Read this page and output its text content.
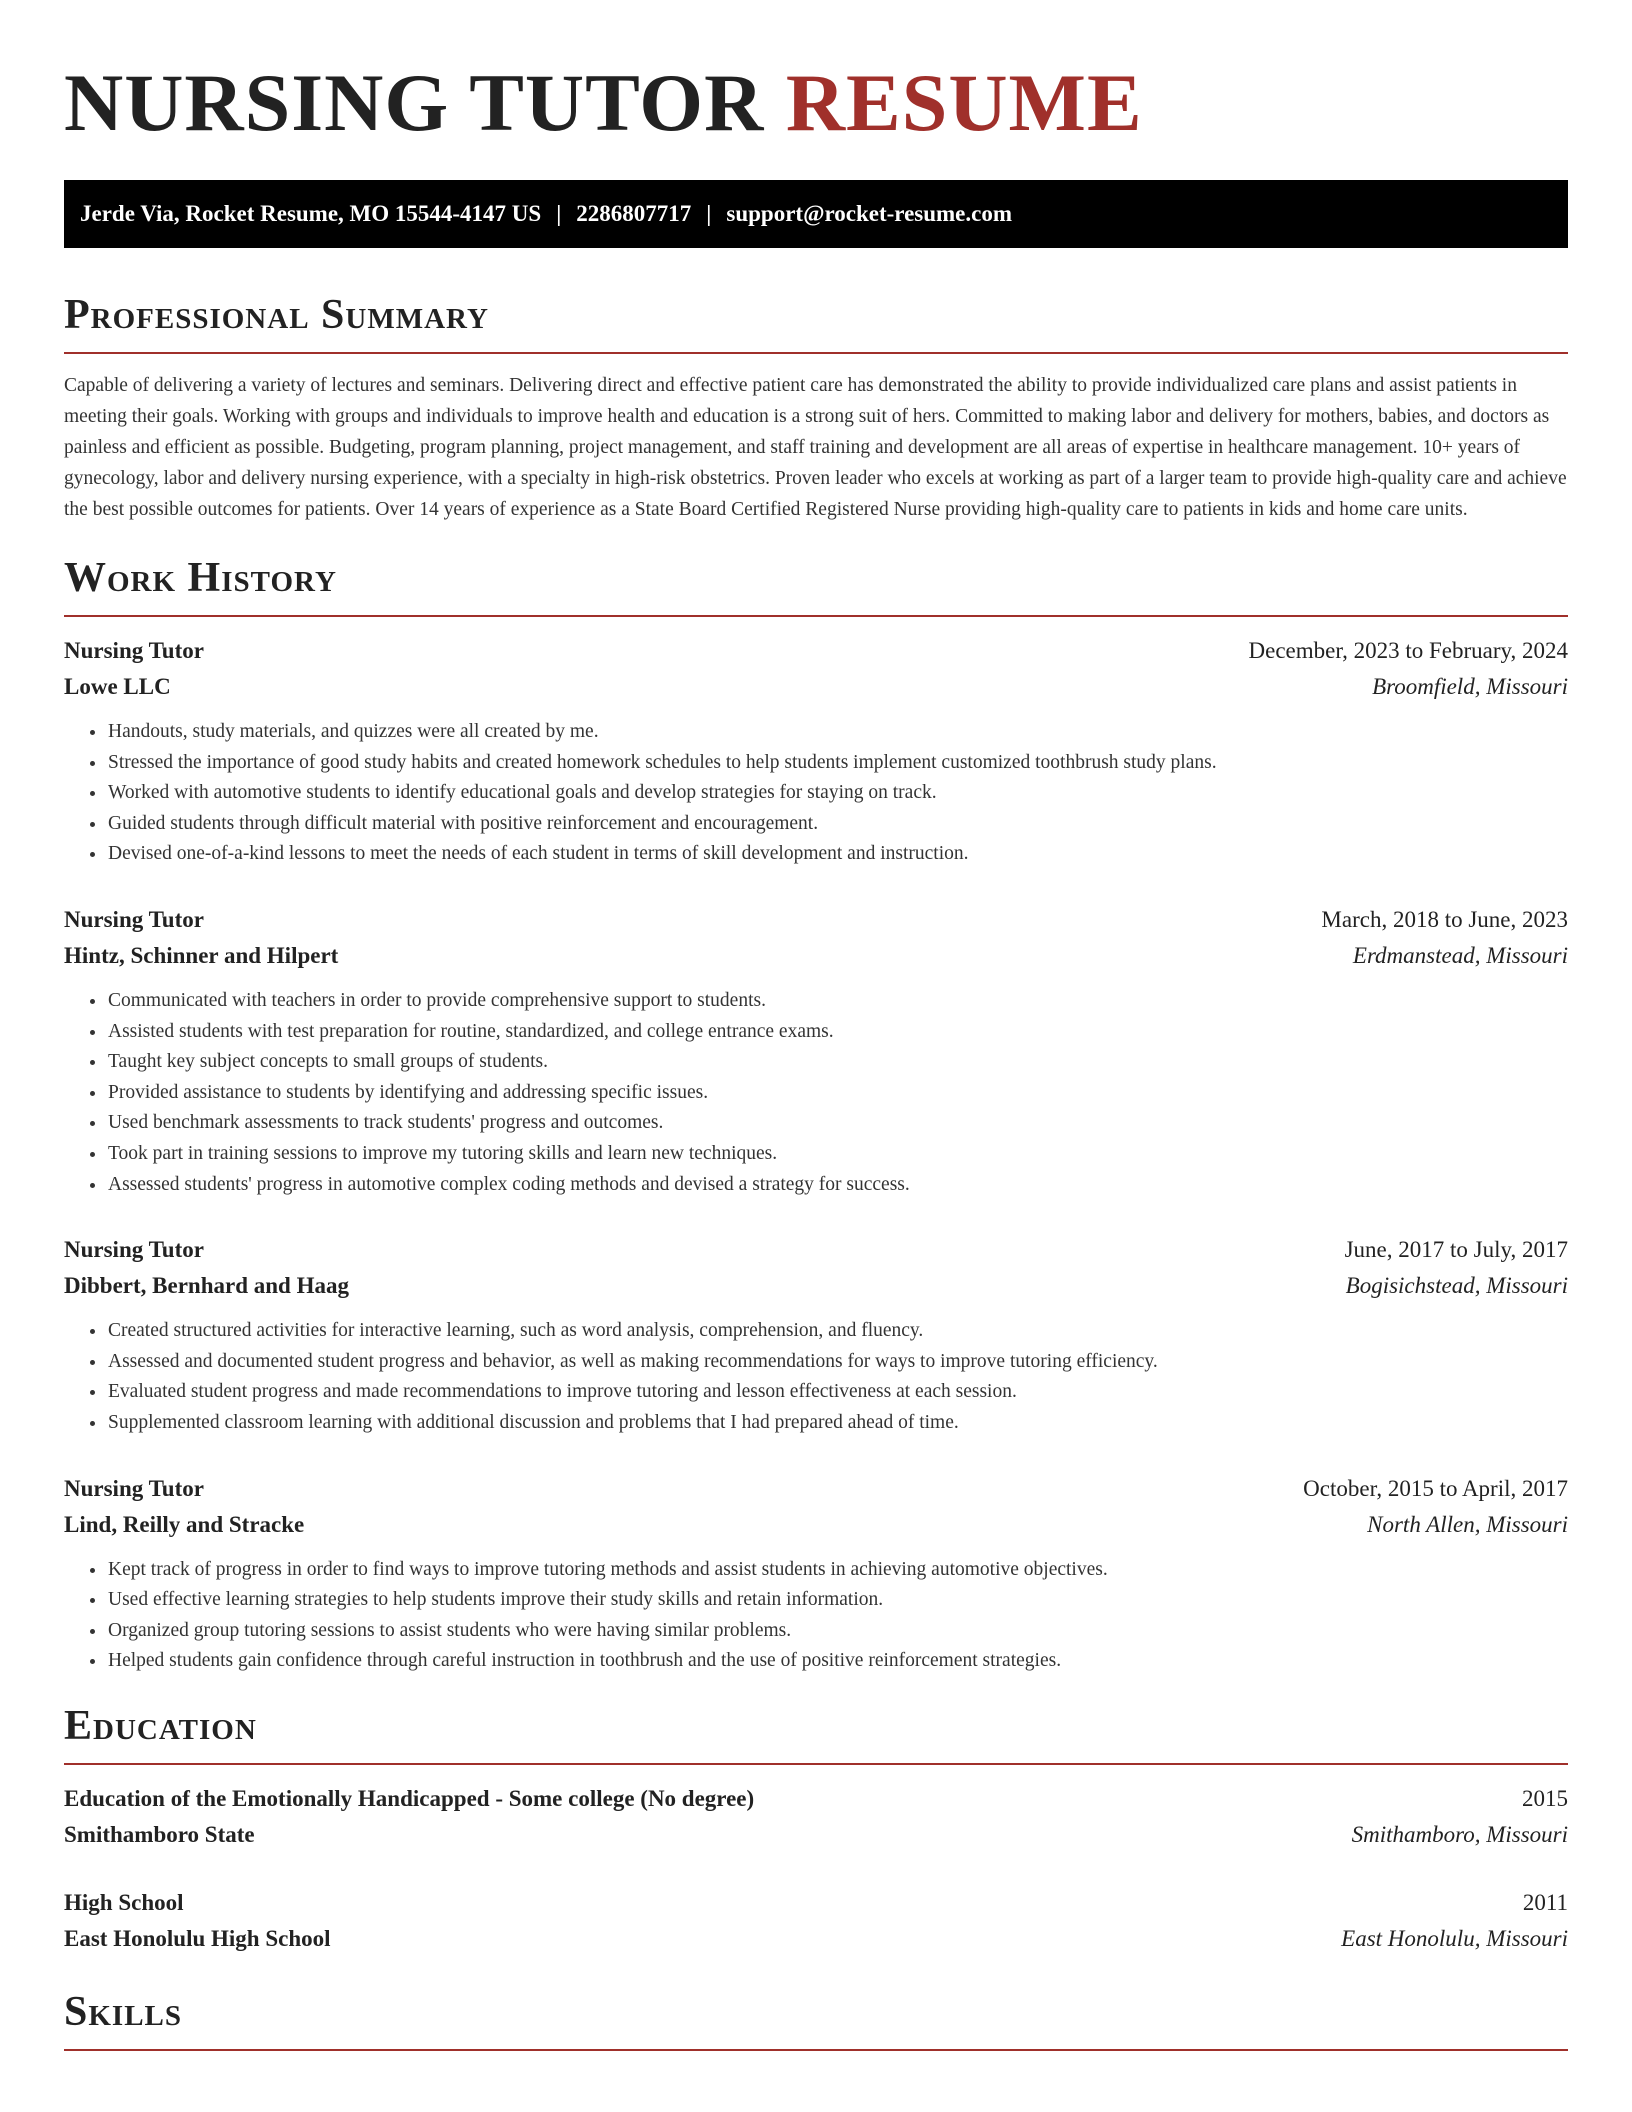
NURSING TUTOR RESUME
Jerde Via, Rocket Resume, MO 15544-4147 US | 2286807717 | support@rocket-resume.com
Professional Summary

Capable of delivering a variety of lectures and seminars. Delivering direct and effective patient care has demonstrated the ability to provide individualized care plans and assist patients in meeting their goals. Working with groups and individuals to improve health and education is a strong suit of hers. Committed to making labor and delivery for mothers, babies, and doctors as painless and efficient as possible. Budgeting, program planning, project management, and staff training and development are all areas of expertise in healthcare management. 10+ years of gynecology, labor and delivery nursing experience, with a specialty in high-risk obstetrics. Proven leader who excels at working as part of a larger team to provide high-quality care and achieve the best possible outcomes for patients. Over 14 years of experience as a State Board Certified Registered Nurse providing high-quality care to patients in kids and home care units.

Work History
Nursing Tutor	December, 2023 to February, 2024
Lowe LLC	Broomfield, Missouri
• Handouts, study materials, and quizzes were all created by me.
• Stressed the importance of good study habits and created homework schedules to help students implement customized toothbrush study plans.
• Worked with automotive students to identify educational goals and develop strategies for staying on track.
• Guided students through difficult material with positive reinforcement and encouragement.
• Devised one-of-a-kind lessons to meet the needs of each student in terms of skill development and instruction.
Nursing Tutor	March, 2018 to June, 2023
Hintz, Schinner and Hilpert	Erdmanstead, Missouri
• Communicated with teachers in order to provide comprehensive support to students.
• Assisted students with test preparation for routine, standardized, and college entrance exams.
• Taught key subject concepts to small groups of students.
• Provided assistance to students by identifying and addressing specific issues.
• Used benchmark assessments to track students' progress and outcomes.
• Took part in training sessions to improve my tutoring skills and learn new techniques.
• Assessed students' progress in automotive complex coding methods and devised a strategy for success.
Nursing Tutor	June, 2017 to July, 2017
Dibbert, Bernhard and Haag	Bogisichstead, Missouri
• Created structured activities for interactive learning, such as word analysis, comprehension, and fluency.
• Assessed and documented student progress and behavior, as well as making recommendations for ways to improve tutoring efficiency.
• Evaluated student progress and made recommendations to improve tutoring and lesson effectiveness at each session.
• Supplemented classroom learning with additional discussion and problems that I had prepared ahead of time.
Nursing Tutor	October, 2015 to April, 2017
Lind, Reilly and Stracke	North Allen, Missouri
• Kept track of progress in order to find ways to improve tutoring methods and assist students in achieving automotive objectives.
• Used effective learning strategies to help students improve their study skills and retain information.
• Organized group tutoring sessions to assist students who were having similar problems.
• Helped students gain confidence through careful instruction in toothbrush and the use of positive reinforcement strategies.
Education
Education of the Emotionally Handicapped - Some college (No degree)	2015
Smithamboro State	Smithamboro, Missouri
High School	2011
East Honolulu High School	East Honolulu, Missouri
Skills
